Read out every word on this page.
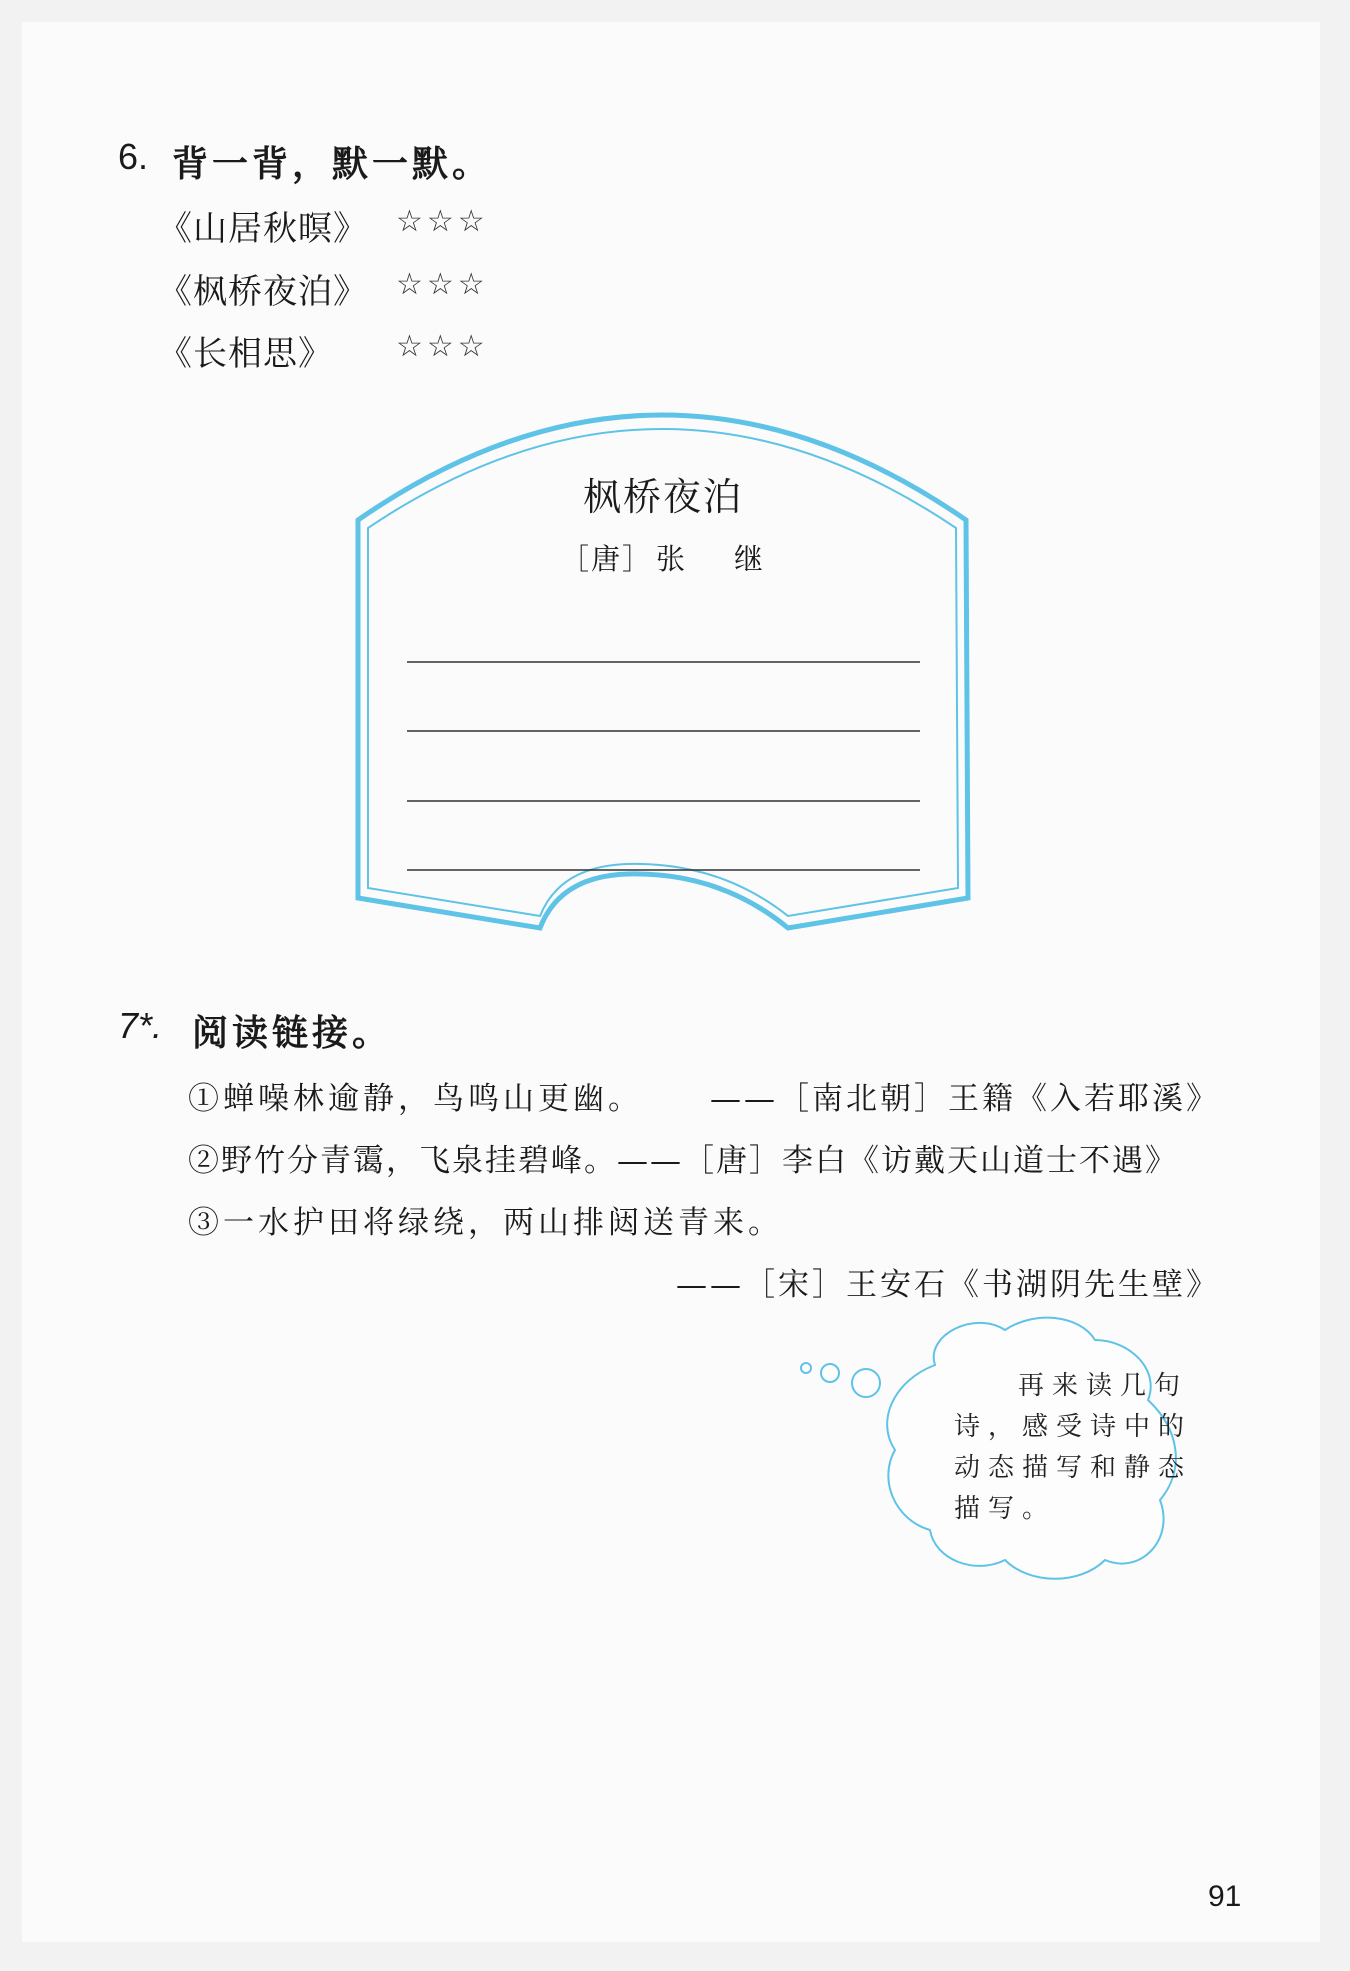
6. 背一背，默一默。
《山居秋暝》 ☆☆☆
《枫桥夜泊》 ☆☆☆
《长相思》 ☆☆☆
枫桥夜泊
［唐］ 张　继
7*. 阅读链接。
①蝉噪林逾静，鸟鸣山更幽。 ——［南北朝］王籍《入若耶溪》
②野竹分青霭，飞泉挂碧峰。——［唐］李白《访戴天山道士不遇》
③一水护田将绿绕，两山排闼送青来。
——［宋］王安石《书湖阴先生壁》
再来读几句
诗，感受诗中的
动态描写和静态
描写。
91
